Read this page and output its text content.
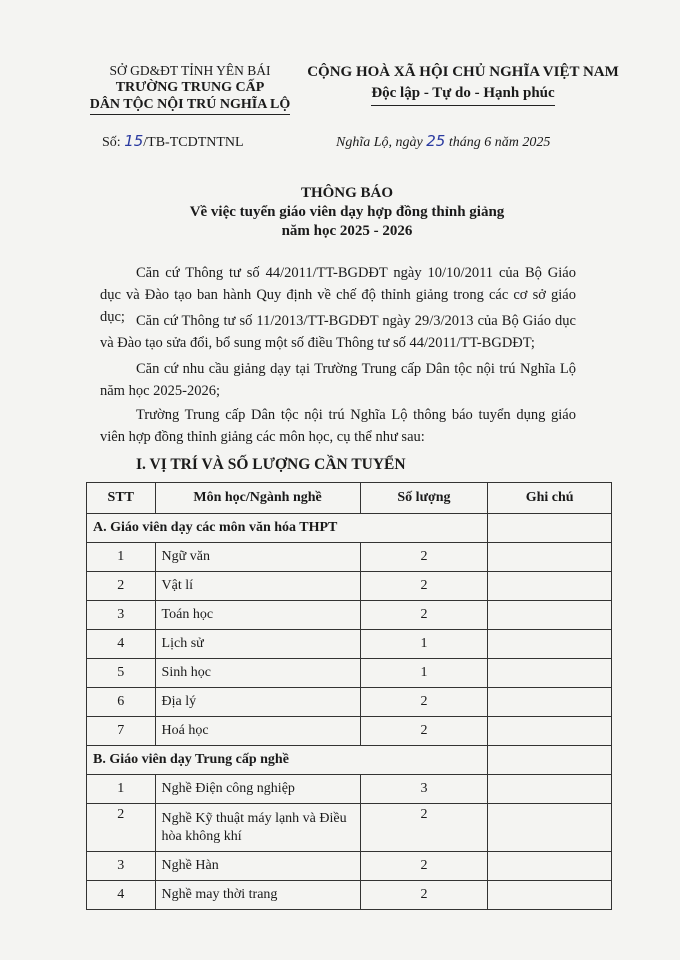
SỞ GD&ĐT TỈNH YÊN BÁI
TRƯỜNG TRUNG CẤP
DÂN TỘC NỘI TRÚ NGHĨA LỘ
CỘNG HOÀ XÃ HỘI CHỦ NGHĨA VIỆT NAM
Độc lập - Tự do - Hạnh phúc
Số: 15/TB-TCDTNTNL	Nghĩa Lộ, ngày 25 tháng 6 năm 2025
THÔNG BÁO
Về việc tuyển giáo viên dạy hợp đồng thỉnh giảng
năm học 2025 - 2026
Căn cứ Thông tư số 44/2011/TT-BGDĐT ngày 10/10/2011 của Bộ Giáo dục và Đào tạo ban hành Quy định về chế độ thỉnh giảng trong các cơ sở giáo dục; Căn cứ Thông tư số 11/2013/TT-BGDĐT ngày 29/3/2013 của Bộ Giáo dục và Đào tạo sửa đổi, bổ sung một số điều Thông tư số 44/2011/TT-BGDĐT;
Căn cứ nhu cầu giảng dạy tại Trường Trung cấp Dân tộc nội trú Nghĩa Lộ năm học 2025-2026;
Trường Trung cấp Dân tộc nội trú Nghĩa Lộ thông báo tuyển dụng giáo viên hợp đồng thỉnh giảng các môn học, cụ thể như sau:
I. VỊ TRÍ VÀ SỐ LƯỢNG CẦN TUYỂN
STT	Môn học/Ngành nghề	Số lượng	Ghi chú
A. Giáo viên dạy các môn văn hóa THPT			
1	Ngữ văn	2	
2	Vật lí	2	
3	Toán học	2	
4	Lịch sử	1	
5	Sinh học	1	
6	Địa lý	2	
7	Hoá học	2	
B. Giáo viên dạy Trung cấp nghề			
1	Nghề Điện công nghiệp	3	
2	Nghề Kỹ thuật máy lạnh và Điều hòa không khí	2	
3	Nghề Hàn	2	
4	Nghề may thời trang	2	
